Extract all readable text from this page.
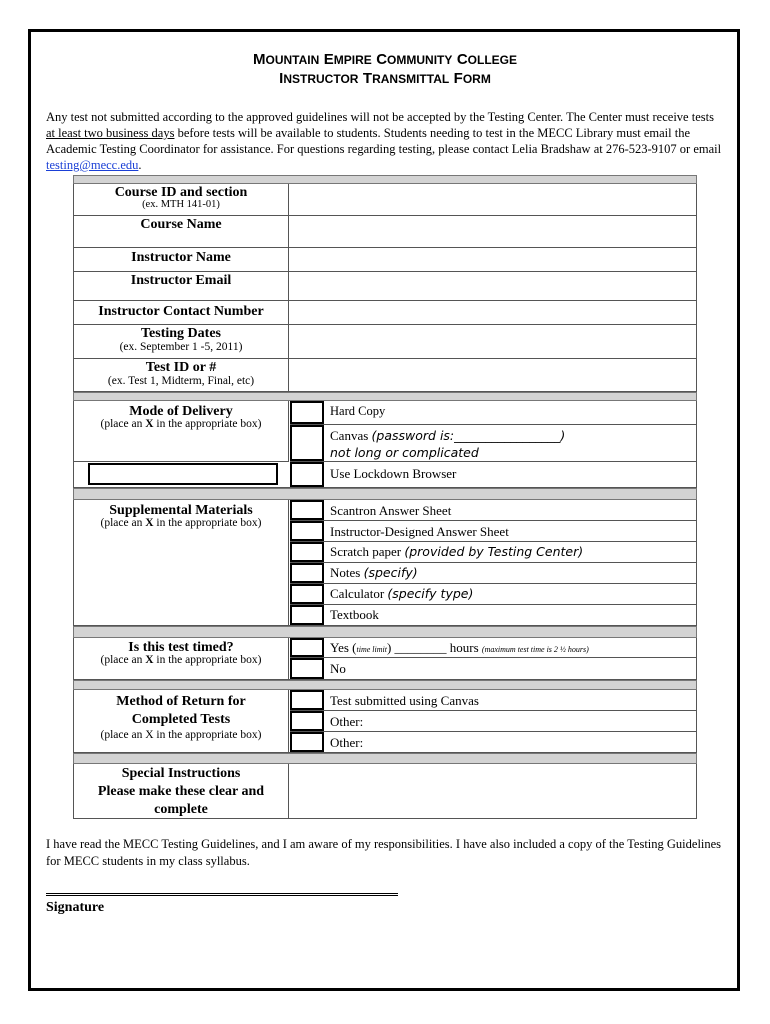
MOUNTAIN EMPIRE COMMUNITY COLLEGE
INSTRUCTOR TRANSMITTAL FORM
Any test not submitted according to the approved guidelines will not be accepted by the Testing Center. The Center must receive tests at least two business days before tests will be available to students. Students needing to test in the MECC Library must email the Academic Testing Coordinator for assistance. For questions regarding testing, please contact Lelia Bradshaw at 276-523-9107 or email testing@mecc.edu.
Course ID and section
(ex. MTH 141-01)
Course Name
Instructor Name
Instructor Email
Instructor Contact Number
Testing Dates
(ex. September 1 -5, 2011)
Test ID or #
(ex. Test 1, Midterm, Final, etc)
Mode of Delivery
(place an X in the appropriate box)
Hard Copy
Canvas (password is:_________________)
not long or complicated
Use Lockdown Browser
Supplemental Materials
(place an X in the appropriate box)
Scantron Answer Sheet
Instructor-Designed Answer Sheet
Scratch paper (provided by Testing Center)
Notes (specify)
Calculator (specify type)
Textbook
Is this test timed?
(place an X in the appropriate box)
Yes (time limit) ________ hours (maximum test time is 2 ½ hours)
No
Method of Return for
Completed Tests
(place an X in the appropriate box)
Test submitted using Canvas
Other:
Other:
Special Instructions
Please make these clear and
complete
I have read the MECC Testing Guidelines, and I am aware of my responsibilities. I have also included a copy of the Testing Guidelines for MECC students in my class syllabus.
Signature
